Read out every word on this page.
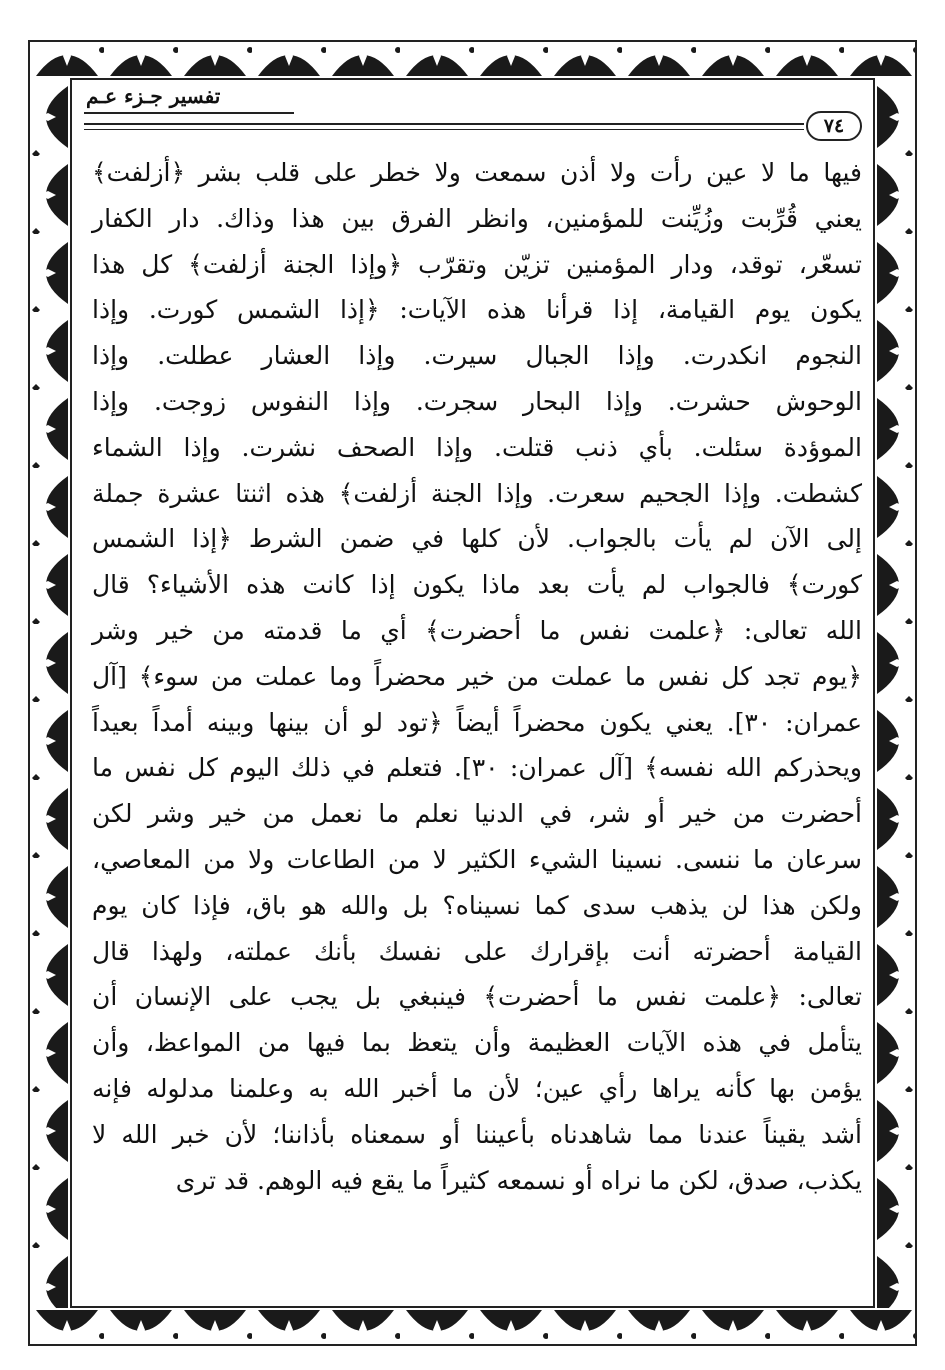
تفسير جـزء عـم
٧٤

فيها ما لا عين رأت ولا أذن سمعت ولا خطر على قلب بشر ﴿أزلفت﴾

يعني قُرِّبت وزُيِّنت للمؤمنين، وانظر الفرق بين هذا وذاك. دار الكفار

تسعّر، توقد، ودار المؤمنين تزيّن وتقرّب ﴿وإذا الجنة أزلفت﴾ كل هذا

يكون يوم القيامة، إذا قرأنا هذه الآيات: ﴿إذا الشمس كورت. وإذا

النجوم انكدرت. وإذا الجبال سيرت. وإذا العشار عطلت. وإذا

الوحوش حشرت. وإذا البحار سجرت. وإذا النفوس زوجت. وإذا

الموؤدة سئلت. بأي ذنب قتلت. وإذا الصحف نشرت. وإذا الشماء

كشطت. وإذا الجحيم سعرت. وإذا الجنة أزلفت﴾ هذه اثنتا عشرة جملة

إلى الآن لم يأت بالجواب. لأن كلها في ضمن الشرط ﴿إذا الشمس

كورت﴾ فالجواب لم يأت بعد ماذا يكون إذا كانت هذه الأشياء؟ قال

الله تعالى: ﴿علمت نفس ما أحضرت﴾ أي ما قدمته من خير وشر

﴿يوم تجد كل نفس ما عملت من خير محضراً وما عملت من سوء﴾ [آل

عمران: ٣٠]. يعني يكون محضراً أيضاً ﴿تود لو أن بينها وبينه أمداً بعيداً

ويحذركم الله نفسه﴾ [آل عمران: ٣٠]. فتعلم في ذلك اليوم كل نفس ما

أحضرت من خير أو شر، في الدنيا نعلم ما نعمل من خير وشر لكن

سرعان ما ننسى. نسينا الشيء الكثير لا من الطاعات ولا من المعاصي،

ولكن هذا لن يذهب سدى كما نسيناه؟ بل والله هو باق، فإذا كان يوم

القيامة أحضرته أنت بإقرارك على نفسك بأنك عملته، ولهذا قال

تعالى: ﴿علمت نفس ما أحضرت﴾ فينبغي بل يجب على الإنسان أن

يتأمل في هذه الآيات العظيمة وأن يتعظ بما فيها من المواعظ، وأن

يؤمن بها كأنه يراها رأي عين؛ لأن ما أخبر الله به وعلمنا مدلوله فإنه

أشد يقيناً عندنا مما شاهدناه بأعيننا أو سمعناه بأذاننا؛ لأن خبر الله لا

يكذب، صدق، لكن ما نراه أو نسمعه كثيراً ما يقع فيه الوهم. قد ترى
